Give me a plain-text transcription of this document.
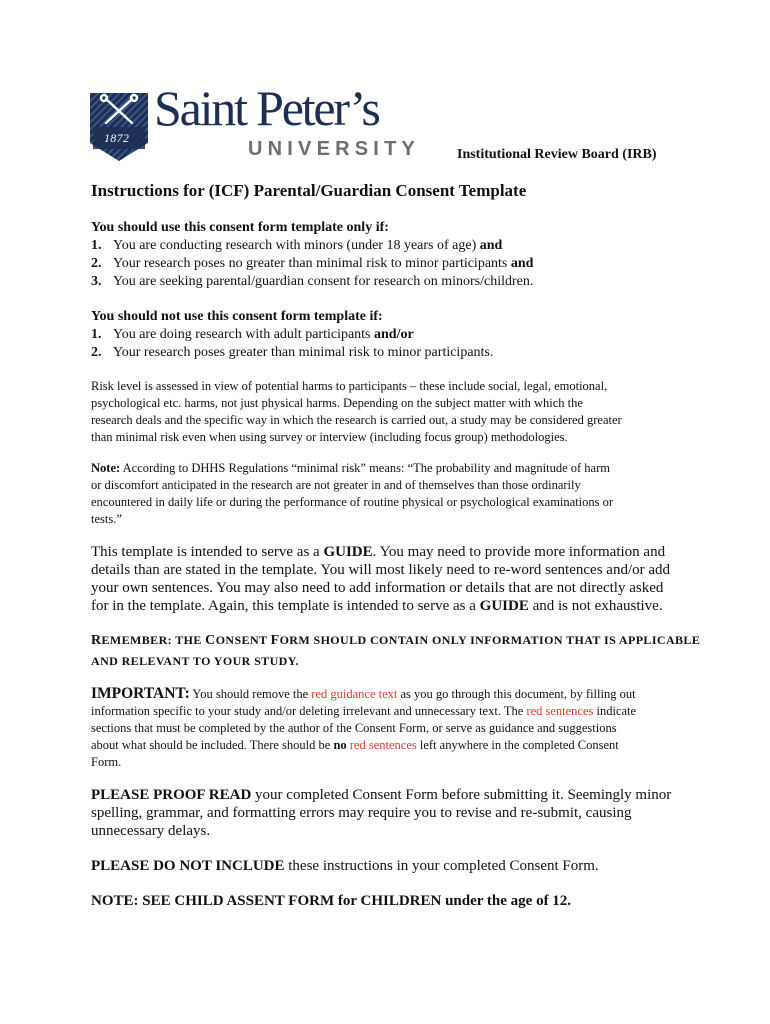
1872
Saint Peter’s
UNIVERSITY	Institutional Review Board (IRB)
Instructions for (ICF) Parental/Guardian Consent Template
You should use this consent form template only if:
1. You are conducting research with minors (under 18 years of age) and
2. Your research poses no greater than minimal risk to minor participants and
3. You are seeking parental/guardian consent for research on minors/children.
You should not use this consent form template if:
1. You are doing research with adult participants and/or
2. Your research poses greater than minimal risk to minor participants.
Risk level is assessed in view of potential harms to participants – these include social, legal, emotional,
psychological etc. harms, not just physical harms. Depending on the subject matter with which the
research deals and the specific way in which the research is carried out, a study may be considered greater
than minimal risk even when using survey or interview (including focus group) methodologies.
Note: According to DHHS Regulations “minimal risk” means: “The probability and magnitude of harm
or discomfort anticipated in the research are not greater in and of themselves than those ordinarily
encountered in daily life or during the performance of routine physical or psychological examinations or
tests.”
This template is intended to serve as a GUIDE. You may need to provide more information and
details than are stated in the template. You will most likely need to re-word sentences and/or add
your own sentences. You may also need to add information or details that are not directly asked
for in the template. Again, this template is intended to serve as a GUIDE and is not exhaustive.
REMEMBER: THE CONSENT FORM SHOULD CONTAIN ONLY INFORMATION THAT IS APPLICABLE
AND RELEVANT TO YOUR STUDY.
IMPORTANT: You should remove the red guidance text as you go through this document, by filling out
information specific to your study and/or deleting irrelevant and unnecessary text. The red sentences indicate
sections that must be completed by the author of the Consent Form, or serve as guidance and suggestions
about what should be included. There should be no red sentences left anywhere in the completed Consent
Form.
PLEASE PROOF READ your completed Consent Form before submitting it. Seemingly minor
spelling, grammar, and formatting errors may require you to revise and re-submit, causing
unnecessary delays.
PLEASE DO NOT INCLUDE these instructions in your completed Consent Form.
NOTE: SEE CHILD ASSENT FORM for CHILDREN under the age of 12.
